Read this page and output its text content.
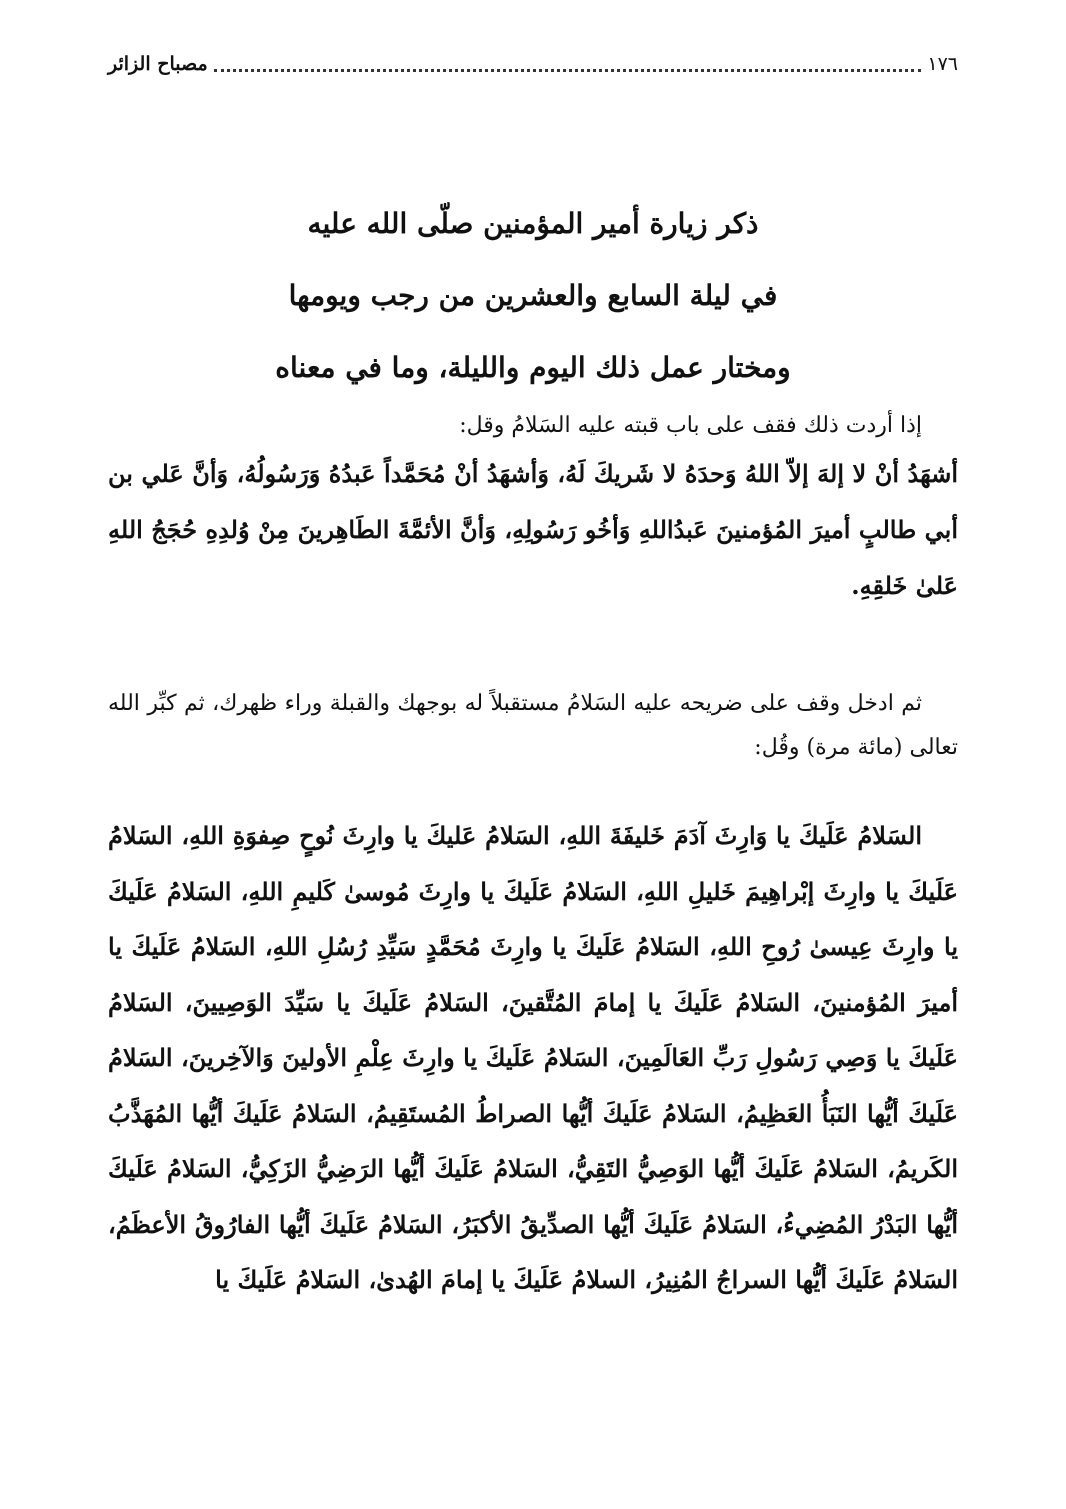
١٧٦
مصباح الزائر
ذكر زيارة أمير المؤمنين صلّى الله عليه
في ليلة السابع والعشرين من رجب ويومها
ومختار عمل ذلك اليوم والليلة، وما في معناه
إذا أردت ذلك فقف على باب قبته عليه السَلامُ وقل:
أشهَدُ أنْ لا إلهَ إلاّ اللهُ وَحدَهُ لا شَريكَ لَهُ، وَأشهَدُ أنْ مُحَمَّداً عَبدُهُ وَرَسُولُهُ، وَأنَّ عَلي بن أبي طالبٍ أميرَ المُؤمنينَ عَبدُاللهِ وَأخُو رَسُولِهِ، وَأنَّ الأئمَّةَ الطَاهِرينَ مِنْ وُلدِهِ حُجَجُ اللهِ عَلىٰ خَلقِهِ.
ثم ادخل وقف على ضريحه عليه السَلامُ مستقبلاً له بوجهك والقبلة وراء ظهرك، ثم كبِّر الله تعالى (مائة مرة) وقُل:
السَلامُ عَلَيكَ يا وَارِثَ آدَمَ خَليفَةَ اللهِ، السَلامُ عَليكَ يا وارِثَ نُوحٍ صِفوَةِ اللهِ، السَلامُ عَلَيكَ يا وارِثَ إبْراهِيمَ خَليلِ اللهِ، السَلامُ عَلَيكَ يا وارِثَ مُوسىٰ كَليمِ اللهِ، السَلامُ عَلَيكَ يا وارِثَ عِيسىٰ رُوحِ اللهِ، السَلامُ عَلَيكَ يا وارِثَ مُحَمَّدٍ سَيِّدِ رُسُلِ اللهِ، السَلامُ عَلَيكَ يا أميرَ المُؤمنينَ، السَلامُ عَلَيكَ يا إمامَ المُتَّقينَ، السَلامُ عَلَيكَ يا سَيِّدَ الوَصِيينَ، السَلامُ عَلَيكَ يا وَصِي رَسُولِ رَبِّ العَالَمِينَ، السَلامُ عَلَيكَ يا وارِثَ عِلْمِ الأولينَ وَالآخِرينَ، السَلامُ عَلَيكَ أيُّها النَبَأُ العَظِيمُ، السَلامُ عَلَيكَ أيُّها الصراطُ المُستَقِيمُ، السَلامُ عَلَيكَ أيُّها المُهَذَّبُ الكَريمُ، السَلامُ عَلَيكَ أيُّها الوَصِيُّ التَقِيُّ، السَلامُ عَلَيكَ أيُّها الرَضِيُّ الزَكِيُّ، السَلامُ عَلَيكَ أيُّها البَدْرُ المُضِيءُ، السَلامُ عَلَيكَ أيُّها الصدِّيقُ الأكبَرُ، السَلامُ عَلَيكَ أيُّها الفارُوقُ الأعظَمُ، السَلامُ عَلَيكَ أيُّها السراجُ المُنِيرُ، السلامُ عَلَيكَ يا إمامَ الهُدىٰ، السَلامُ عَلَيكَ يا
